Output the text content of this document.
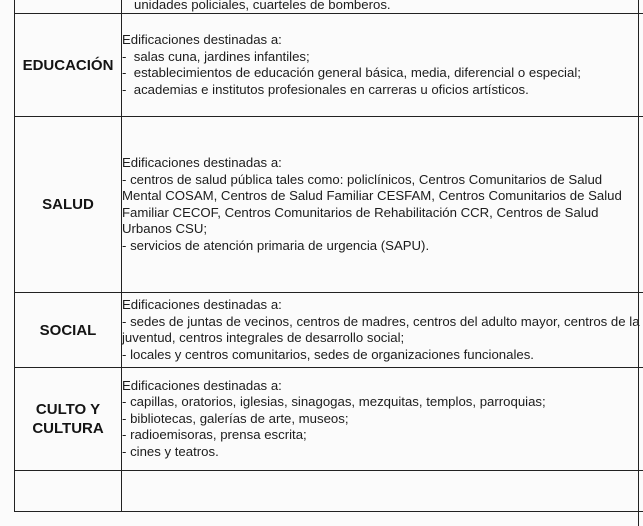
	unidades policiales, cuarteles de bomberos.
EDUCACIÓN	Edificaciones destinadas a:
-  salas cuna, jardines infantiles;
-  establecimientos de educación general básica, media, diferencial o especial;
-  academias e institutos profesionales en carreras u oficios artísticos.

SALUD	Edificaciones destinadas a:
- centros de salud pública tales como: policlínicos, Centros Comunitarios de Salud Mental COSAM, Centros de Salud Familiar CESFAM, Centros Comunitarios de Salud Familiar CECOF, Centros Comunitarios de Rehabilitación CCR, Centros de Salud Urbanos CSU;
- servicios de atención primaria de urgencia (SAPU).

SOCIAL	Edificaciones destinadas a:
- sedes de juntas de vecinos, centros de madres, centros del adulto mayor, centros de la juventud, centros integrales de desarrollo social;
- locales y centros comunitarios, sedes de organizaciones funcionales.

CULTO Y
CULTURA	Edificaciones destinadas a:
- capillas, oratorios, iglesias, sinagogas, mezquitas, templos, parroquias;
- bibliotecas, galerías de arte, museos;
- radioemisoras, prensa escrita;
- cines y teatros.
